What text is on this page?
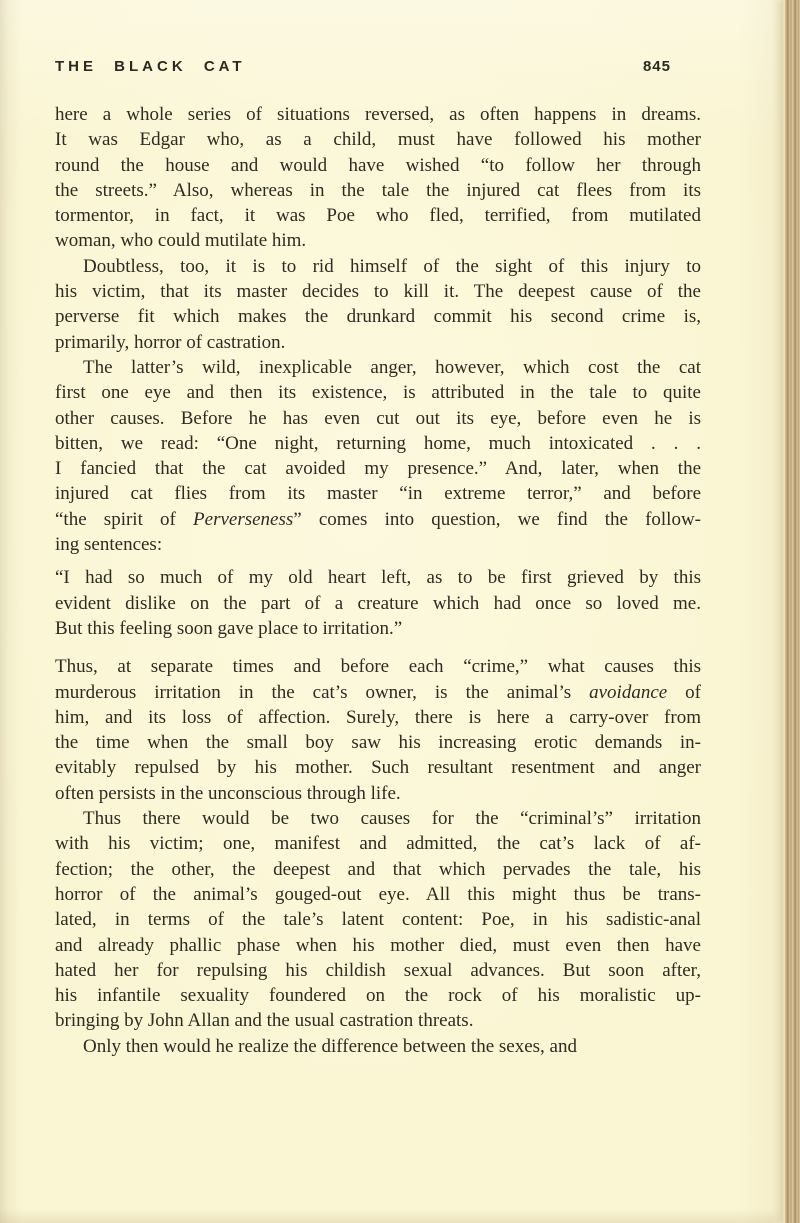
THE BLACK CAT	845

here a whole series of situations reversed, as often happens in dreams.
It was Edgar who, as a child, must have followed his mother
round the house and would have wished “to follow her through
the streets.” Also, whereas in the tale the injured cat flees from its
tormentor, in fact, it was Poe who fled, terrified, from mutilated
woman, who could mutilate him.

Doubtless, too, it is to rid himself of the sight of this injury to
his victim, that its master decides to kill it. The deepest cause of the
perverse fit which makes the drunkard commit his second crime is,
primarily, horror of castration.

The latter’s wild, inexplicable anger, however, which cost the cat
first one eye and then its existence, is attributed in the tale to quite
other causes. Before he has even cut out its eye, before even he is
bitten, we read: “One night, returning home, much intoxicated . . .
I fancied that the cat avoided my presence.” And, later, when the
injured cat flies from its master “in extreme terror,” and before
“the spirit of Perverseness” comes into question, we find the follow-
ing sentences:

“I had so much of my old heart left, as to be first grieved by this
evident dislike on the part of a creature which had once so loved me.
But this feeling soon gave place to irritation.”

Thus, at separate times and before each “crime,” what causes this
murderous irritation in the cat’s owner, is the animal’s avoidance of
him, and its loss of affection. Surely, there is here a carry-over from
the time when the small boy saw his increasing erotic demands in-
evitably repulsed by his mother. Such resultant resentment and anger
often persists in the unconscious through life.

Thus there would be two causes for the “criminal’s” irritation
with his victim; one, manifest and admitted, the cat’s lack of af-
fection; the other, the deepest and that which pervades the tale, his
horror of the animal’s gouged-out eye. All this might thus be trans-
lated, in terms of the tale’s latent content: Poe, in his sadistic-anal
and already phallic phase when his mother died, must even then have
hated her for repulsing his childish sexual advances. But soon after,
his infantile sexuality foundered on the rock of his moralistic up-
bringing by John Allan and the usual castration threats.

Only then would he realize the difference between the sexes, and
